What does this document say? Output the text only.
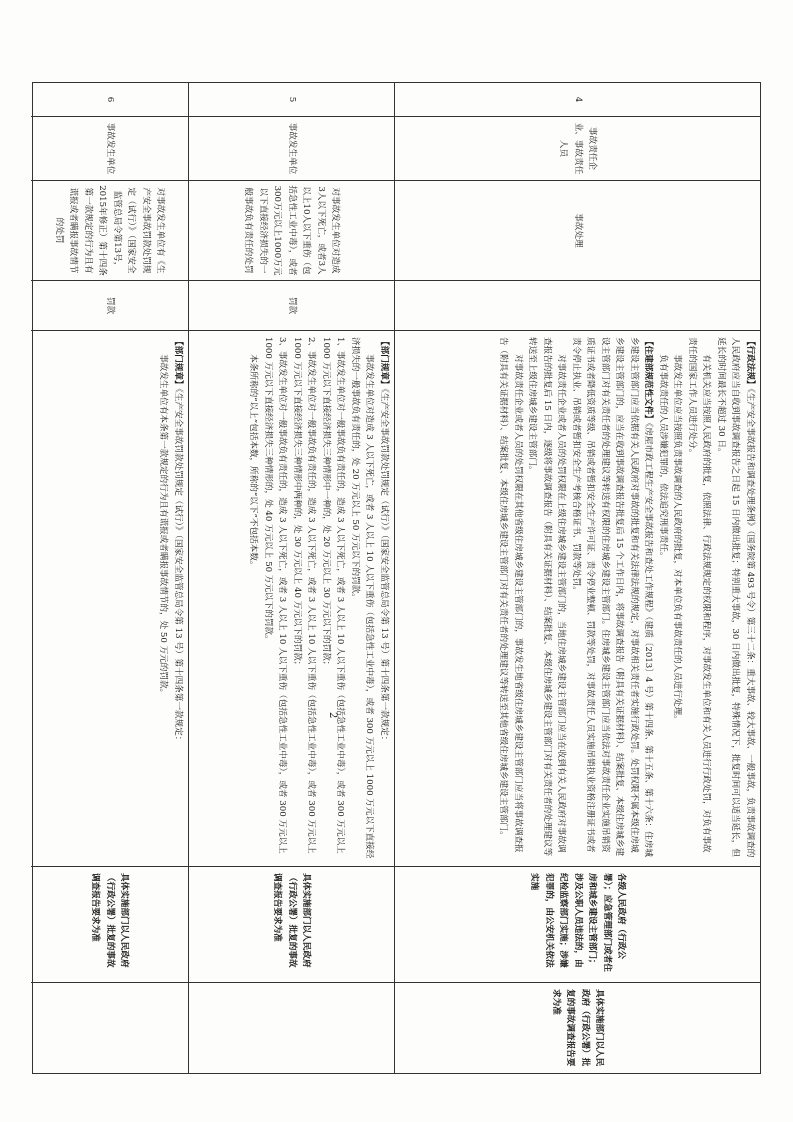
4
事故责任企业、事故责任人员
事故处理

【行政法规】《生产安全事故报告和调查处理条例》（国务院第 493 号令）第三十二条：重大事故、较大事故、一般事故，负责事故调查的人民政府应当自收到事故调查报告之日起 15 日内做出批复；特别重大事故，30 日内做出批复，特殊情况下，批复时间可以适当延长，但延长的时间最长不超过 30 日。

有关机关应当按照人民政府的批复，依照法律、行政法规规定的权限和程序，对事故发生单位和有关人员进行行政处罚，对负有事故责任的国家工作人员进行处分。

事故发生单位应当按照负责事故调查的人民政府的批复，对本单位负有事故责任的人员进行处理。

负有事故责任的人员涉嫌犯罪的，依法追究刑事责任。

【住建部规范性文件】《房屋市政工程生产安全事故报告和查处工作规程》（建质〔2013〕4 号）第十四条、第十五条、第十六条：住房城乡建设主管部门应当依据有关人民政府对事故的批复和有关法律法规的规定，对事故相关责任者实施行政处罚。处罚权限不属本级住房城乡建设主管部门的，应当在收到事故调查报告批复后 15 个工作日内，将事故调查报告（附具有关证据材料）、结案批复、本级住房城乡建设主管部门对有关责任者的处理建议等转送有权限的住房城乡建设主管部门。住房城乡建设主管部门应当依法对事故责任企业实施吊销资质证书或者降低资质等级、吊销或者暂扣安全生产许可证、责令停业整顿、罚款等处罚，对事故责任人员实施吊销执业资格注册证书或者责令停止执业、吊销或者暂扣安全生产考核合格证书、罚款等处罚。

对事故责任企业或者人员的处罚权限在上级住房城乡建设主管部门的，当地住房城乡建设主管部门应当在收到有关人民政府对事故调查报告的批复后 15 日内，逐级将事故调查报告（附具有关证据材料）、结案批复、本级住房城乡建设主管部门对有关责任者的处理建议等转送至上级住房城乡建设主管部门。

对事故责任企业或者人员的处罚权限在其他省级住房城乡建设主管部门的，事故发生地省级住房城乡建设主管部门应当将事故调查报告（附具有关证据材料）、结案批复、本级住房城乡建设主管部门对有关责任者的处理建议等转送至其他省级住房城乡建设主管部门。

各级人民政府（行政公署）；应急管理部门或者住房和城乡建设主管部门；涉及公职人员违法的，由纪检监察部门实施；涉嫌犯罪的，由公安机关依法实施
具体实施部门以人民政府（行政公署）批复的事故调查报告要求为准
5
事故发生单位
对事故发生单位对造成3人以下死亡，或者3人以上10人以下重伤（包括急性工业中毒），或者300万元以上1000万元以下直接经济损失的一般事故负有责任的处罚
罚款

【部门规章】《生产安全事故罚款处罚规定（试行）》（国家安全监管总局令第 13 号）第十四条第一款规定：

事故发生单位对造成 3 人以下死亡，或者 3 人以上 10 人以下重伤（包括急性工业中毒），或者 300 万元以上 1000 万元以下直接经济损失的一般事故负有责任的，处 20 万元以上 50 万元以下的罚款。

1、事故发生单位对一般事故负有责任的，造成 3 人以下死亡，或者 3 人以上 10 人以下重伤（包括急性工业中毒），或者 300 万元以上 1000 万元以下直接经济损失三种情形中一种的，处 20 万元以上 30 万元以下的罚款；

2、事故发生单位对一般事故负有责任的，造成 3 人以下死亡，或者 3 人以上 10 人以下重伤（包括急性工业中毒），或者 300 万元以上 1000 万元以下直接经济损失三种情形中两种的，处 30 万元以上 40 万元以下的罚款；

3、事故发生单位对一般事故负有责任的，造成 3 人以下死亡，或者 3 人以上 10 人以下重伤（包括急性工业中毒），或者 300 万元以上 1000 万元以下直接经济损失三种情形的，处 40 万元以上 50 万元以下的罚款。

本条所称的“以上”包括本数，所称的“以下”不包括本数。

具体实施部门以人民政府（行政公署）批复的事故调查报告要求为准
6
事故发生单位
对事故发生单位有《生产安全事故罚款处罚规定（试行）》（国家安全监管总局令第13号，2015年修正）第十四条第一款规定的行为且有谎报或者瞒报事故情节的处罚
罚款

【部门规章】《生产安全事故罚款处罚规定（试行）》（国家安全监管总局令第 13 号）第十四条第一款规定：

事故发生单位有本条第一款规定的行为且有谎报或者瞒报事故情节的，处 50 万元的罚款。

具体实施部门以人民政府（行政公署）批复的事故调查报告要求为准
2
